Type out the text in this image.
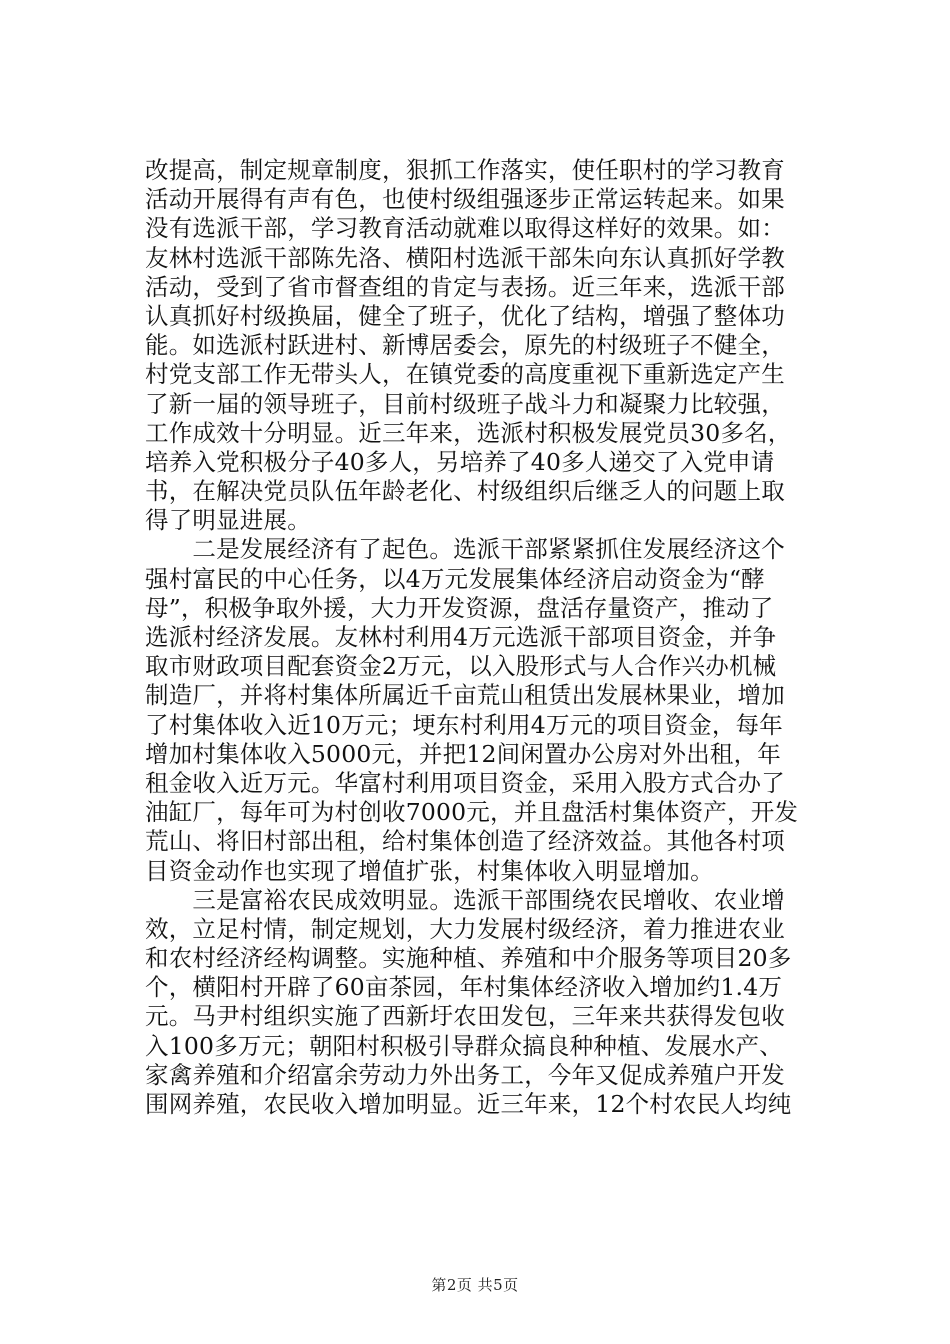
改提高，制定规章制度，狠抓工作落实，使任职村的学习教育
活动开展得有声有色，也使村级组强逐步正常运转起来。如果
没有选派干部，学习教育活动就难以取得这样好的效果。如：
友林村选派干部陈先洛、横阳村选派干部朱向东认真抓好学教
活动，受到了省市督查组的肯定与表扬。近三年来，选派干部
认真抓好村级换届，健全了班子，优化了结构，增强了整体功
能。如选派村跃进村、新博居委会，原先的村级班子不健全，
村党支部工作无带头人，在镇党委的高度重视下重新选定产生
了新一届的领导班子，目前村级班子战斗力和凝聚力比较强，
工作成效十分明显。近三年来，选派村积极发展党员30多名，
培养入党积极分子40多人，另培养了40多人递交了入党申请
书，在解决党员队伍年龄老化、村级组织后继乏人的问题上取
得了明显进展。
　　二是发展经济有了起色。选派干部紧紧抓住发展经济这个
强村富民的中心任务，以4万元发展集体经济启动资金为“酵
母”，积极争取外援，大力开发资源，盘活存量资产，推动了
选派村经济发展。友林村利用4万元选派干部项目资金，并争
取市财政项目配套资金2万元，以入股形式与人合作兴办机械
制造厂，并将村集体所属近千亩荒山租赁出发展林果业，增加
了村集体收入近10万元；埂东村利用4万元的项目资金，每年
增加村集体收入5000元，并把12间闲置办公房对外出租，年
租金收入近万元。华富村利用项目资金，采用入股方式合办了
油缸厂，每年可为村创收7000元，并且盘活村集体资产，开发
荒山、将旧村部出租，给村集体创造了经济效益。其他各村项
目资金动作也实现了增值扩张，村集体收入明显增加。
　　三是富裕农民成效明显。选派干部围绕农民增收、农业增
效，立足村情，制定规划，大力发展村级经济，着力推进农业
和农村经济经构调整。实施种植、养殖和中介服务等项目20多
个，横阳村开辟了60亩茶园，年村集体经济收入增加约1.4万
元。马尹村组织实施了西新圩农田发包，三年来共获得发包收
入100多万元；朝阳村积极引导群众搞良种种植、发展水产、
家禽养殖和介绍富余劳动力外出务工，今年又促成养殖户开发
围网养殖，农民收入增加明显。近三年来，12个村农民人均纯
第2页 共5页
